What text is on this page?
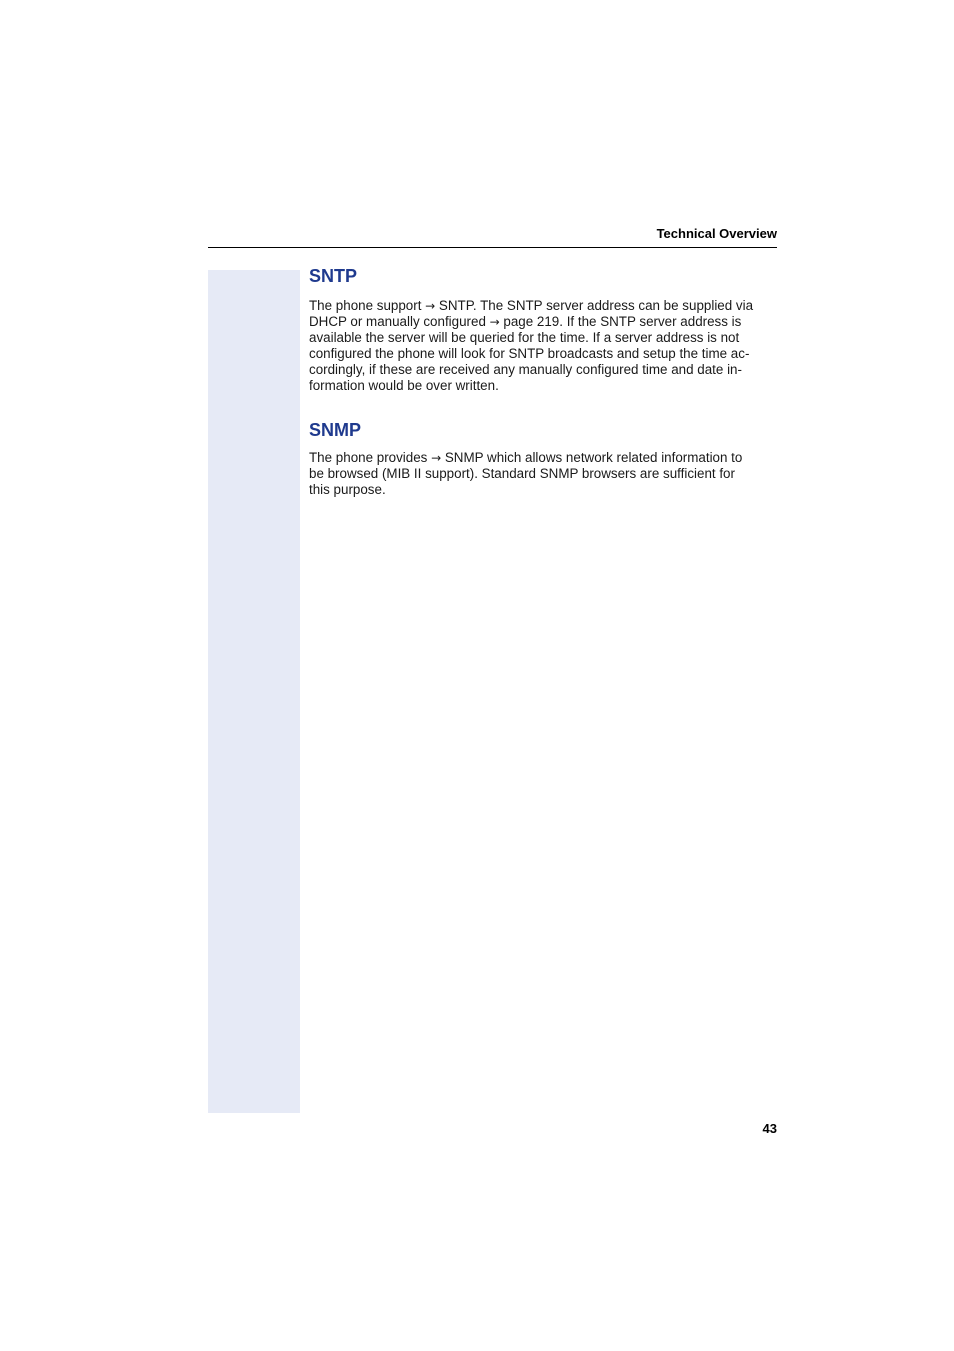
Technical Overview
SNTP
The phone support → SNTP. The SNTP server address can be supplied via
DHCP or manually configured → page 219. If the SNTP server address is
available the server will be queried for the time. If a server address is not
configured the phone will look for SNTP broadcasts and setup the time ac-
cordingly, if these are received any manually configured time and date in-
formation would be over written.
SNMP
The phone provides → SNMP which allows network related information to
be browsed (MIB II support). Standard SNMP browsers are sufficient for
this purpose.
43
